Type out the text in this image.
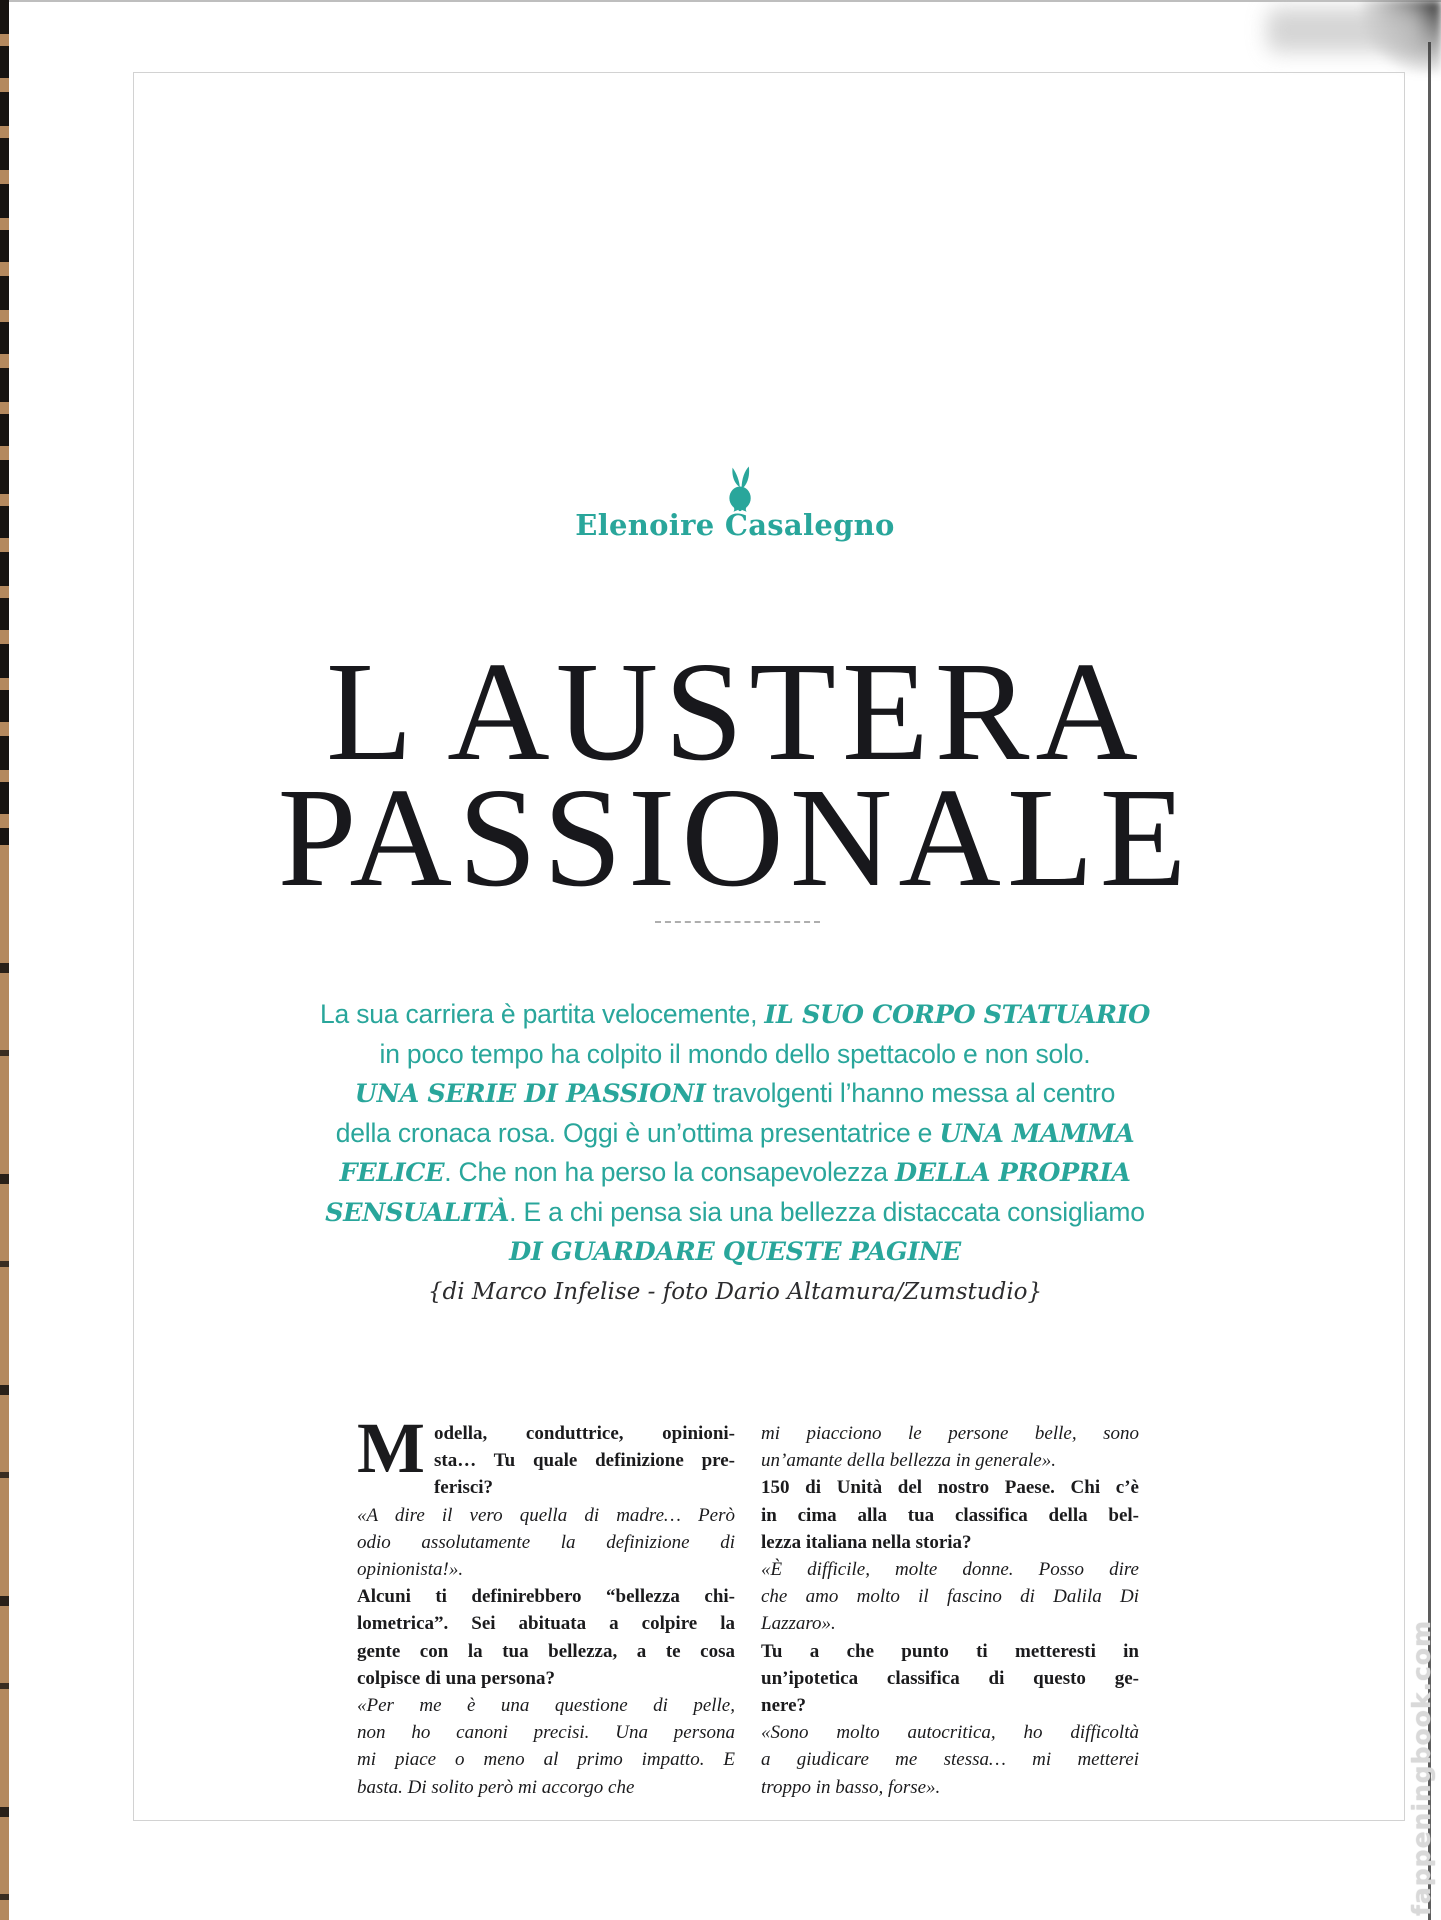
Elenoire Casalegno
L AUSTERA
PASSIONALE
La sua carriera è partita velocemente, IL SUO CORPO STATUARIO
in poco tempo ha colpito il mondo dello spettacolo e non solo.
UNA SERIE DI PASSIONI travolgenti l’hanno messa al centro
della cronaca rosa. Oggi è un’ottima presentatrice e UNA MAMMA
FELICE. Che non ha perso la consapevolezza DELLA PROPRIA
SENSUALITÀ. E a chi pensa sia una bellezza distaccata consigliamo
DI GUARDARE QUESTE PAGINE
{di Marco Infelise - foto Dario Altamura/Zumstudio}
M odella, conduttrice, opinioni-
sta… Tu quale definizione pre-
ferisci?
«A dire il vero quella di madre… Però
odio assolutamente la definizione di
opinionista!».
Alcuni ti definirebbero “bellezza chi-
lometrica”. Sei abituata a colpire la
gente con la tua bellezza, a te cosa
colpisce di una persona?
«Per me è una questione di pelle,
non ho canoni precisi. Una persona
mi piace o meno al primo impatto. E
basta. Di solito però mi accorgo che
mi piacciono le persone belle, sono
un’amante della bellezza in generale».
150 di Unità del nostro Paese. Chi c’è
in cima alla tua classifica della bel-
lezza italiana nella storia?
«È difficile, molte donne. Posso dire
che amo molto il fascino di Dalila Di
Lazzaro».
Tu a che punto ti metteresti in
un’ipotetica classifica di questo ge-
nere?
«Sono molto autocritica, ho difficoltà
a giudicare me stessa… mi metterei
troppo in basso, forse».	fappeningbook.com
